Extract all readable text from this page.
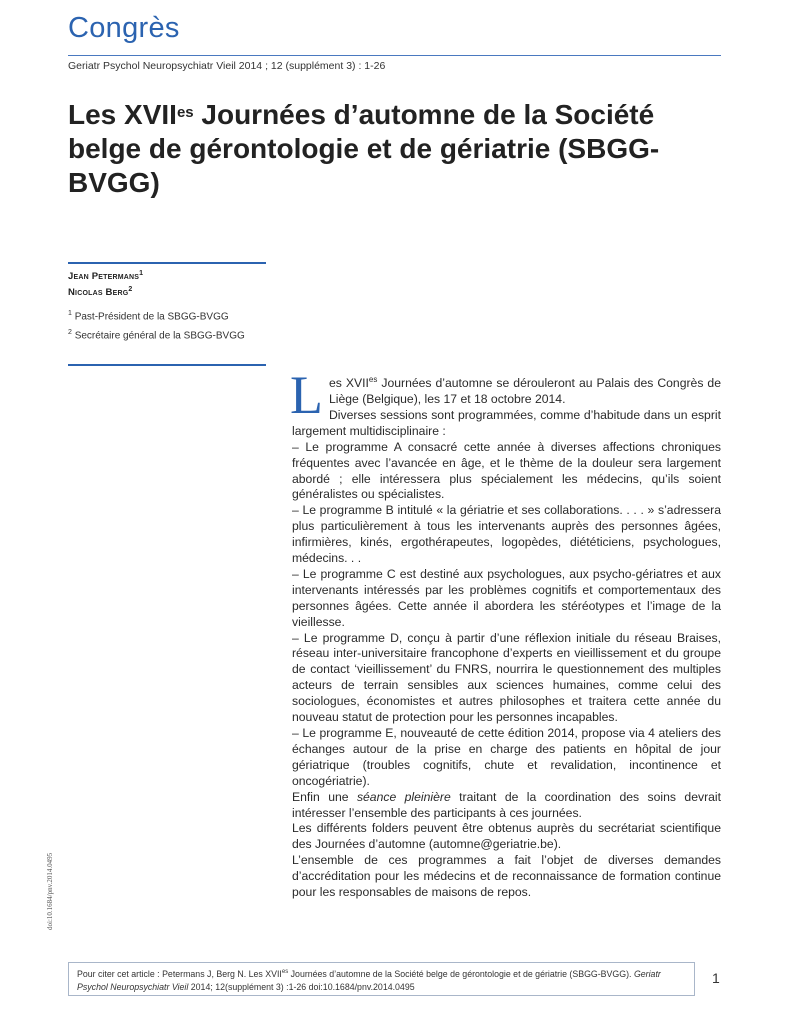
Congrès
Geriatr Psychol Neuropsychiatr Vieil 2014 ; 12 (supplément 3) : 1-26
Les $XVII^{es}$ Journées d’automne de la Société belge de gérontologie et de gériatrie (SBGG-BVGG)
Jean Petermans$^1$
Nicolas Berg$^2$
$^1$ Past-Président de la SBGG-BVGG
$^2$ Secrétaire général de la SBGG-BVGG

Les $XVII^{es}$ Journées d’automne se dérouleront au Palais des Congrès de Liège (Belgique), les 17 et 18 octobre 2014.

Diverses sessions sont programmées, comme d’habitude dans un esprit largement multidisciplinaire :

– Le programme A consacré cette année à diverses affections chroniques fréquentes avec l’avancée en âge, et le thème de la douleur sera largement abordé ; elle intéressera plus spécialement les médecins, qu’ils soient généralistes ou spécialistes.

– Le programme B intitulé « la gériatrie et ses collaborations. . . . » s’adressera plus particulièrement à tous les intervenants auprès des personnes âgées, infirmières, kinés, ergothérapeutes, logopèdes, diététiciens, psychologues, médecins. . .

– Le programme C est destiné aux psychologues, aux psycho-gériatres et aux intervenants intéressés par les problèmes cognitifs et comportementaux des personnes âgées. Cette année il abordera les stéréotypes et l’image de la vieillesse.

– Le programme D, conçu à partir d’une réflexion initiale du réseau Braises, réseau inter-universitaire francophone d’experts en vieillissement et du groupe de contact ‘vieillissement’ du FNRS, nourrira le questionnement des multiples acteurs de terrain sensibles aux sciences humaines, comme celui des sociologues, économistes et autres philosophes et traitera cette année du nouveau statut de protection pour les personnes incapables.

– Le programme E, nouveauté de cette édition 2014, propose via 4 ateliers des échanges autour de la prise en charge des patients en hôpital de jour gériatrique (troubles cognitifs, chute et revalidation, incontinence et oncogériatrie).

Enfin une séance pleinière traitant de la coordination des soins devrait intéresser l’ensemble des participants à ces journées.

Les différents folders peuvent être obtenus auprès du secrétariat scientifique des Journées d’automne (automne@geriatrie.be).

L’ensemble de ces programmes a fait l’objet de diverses demandes d’accréditation pour les médecins et de reconnaissance de formation continue pour les responsables de maisons de repos.

doi:10.1684/pnv.2014.0495
Pour citer cet article : Petermans J, Berg N. Les $XVII^{es}$ Journées d’automne de la Société belge de gérontologie et de gériatrie (SBGG-BVGG). Geriatr Psychol Neuropsychiatr Vieil 2014; 12(supplément 3) :1-26 doi:10.1684/pnv.2014.0495
1
